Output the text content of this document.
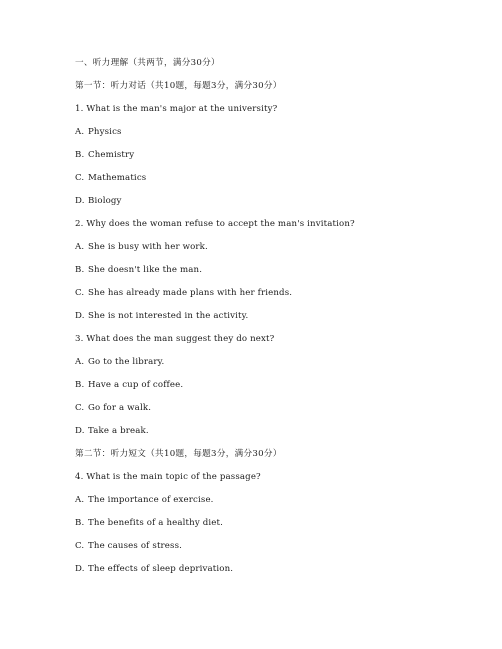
一、听力理解（共两节，满分30分）
第一节：听力对话（共10题，每题3分，满分30分）
1. What is the man's major at the university?
A. Physics
B. Chemistry
C. Mathematics
D. Biology
2. Why does the woman refuse to accept the man's invitation?
A. She is busy with her work.
B. She doesn't like the man.
C. She has already made plans with her friends.
D. She is not interested in the activity.
3. What does the man suggest they do next?
A. Go to the library.
B. Have a cup of coffee.
C. Go for a walk.
D. Take a break.
第二节：听力短文（共10题，每题3分，满分30分）
4. What is the main topic of the passage?
A. The importance of exercise.
B. The benefits of a healthy diet.
C. The causes of stress.
D. The effects of sleep deprivation.
